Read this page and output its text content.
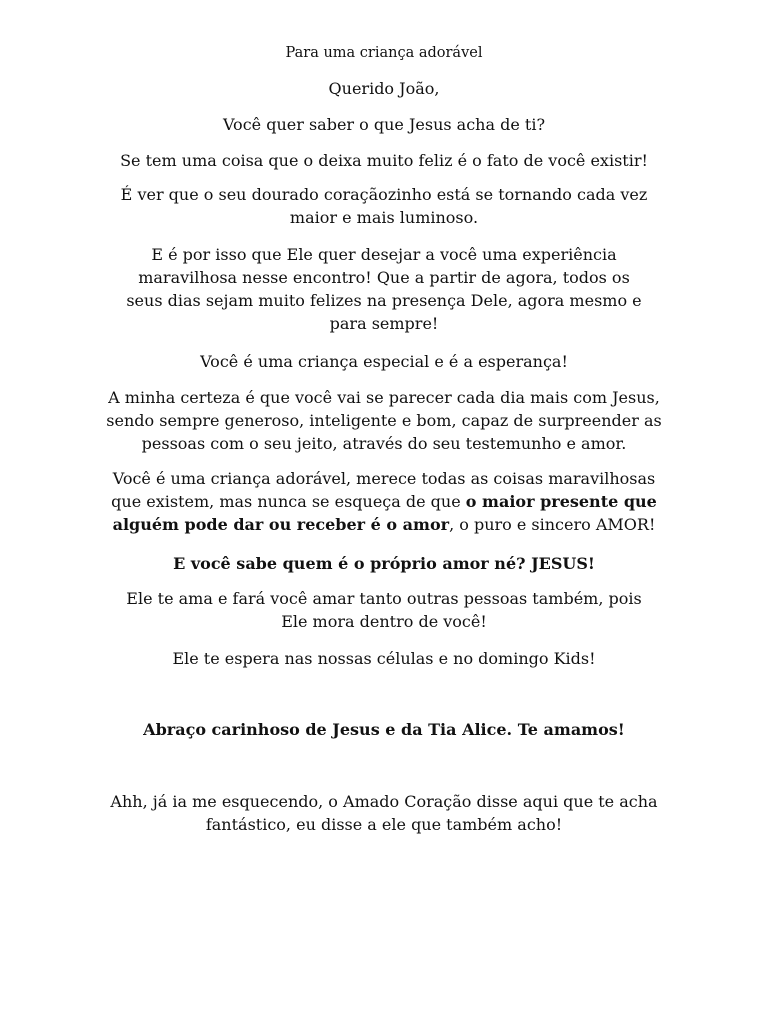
Para uma criança adorável

Querido João,

Você quer saber o que Jesus acha de ti?

Se tem uma coisa que o deixa muito feliz é o fato de você existir!

É ver que o seu dourado coraçãozinho está se tornando cada vez maior e mais luminoso.

E é por isso que Ele quer desejar a você uma experiência maravilhosa nesse encontro! Que a partir de agora, todos os seus dias sejam muito felizes na presença Dele, agora mesmo e para sempre!

Você é uma criança especial e é a esperança!

A minha certeza é que você vai se parecer cada dia mais com Jesus, sendo sempre generoso, inteligente e bom, capaz de surpreender as pessoas com o seu jeito, através do seu testemunho e amor.

Você é uma criança adorável, merece todas as coisas maravilhosas que existem, mas nunca se esqueça de que o maior presente que alguém pode dar ou receber é o amor, o puro e sincero AMOR!

E você sabe quem é o próprio amor né? JESUS!

Ele te ama e fará você amar tanto outras pessoas também, pois Ele mora dentro de você!

Ele te espera nas nossas células e no domingo Kids!

Abraço carinhoso de Jesus e da Tia Alice. Te amamos!

Ahh, já ia me esquecendo, o Amado Coração disse aqui que te acha fantástico, eu disse a ele que também acho!
